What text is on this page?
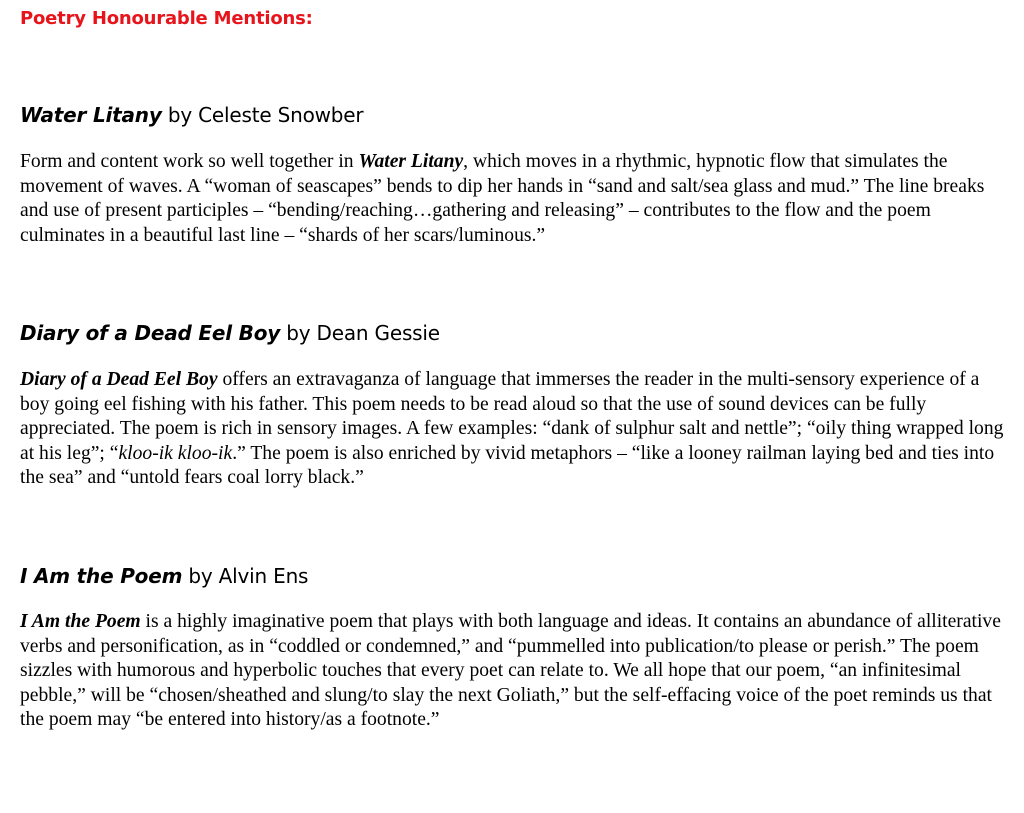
Poetry Honourable Mentions:
Water Litany by Celeste Snowber

Form and content work so well together in Water Litany, which moves in a rhythmic, hypnotic flow that simulates the movement of waves. A “woman of seascapes” bends to dip her hands in “sand and salt/sea glass and mud.” The line breaks and use of present participles – “bending/reaching…gathering and releasing” – contributes to the flow and the poem culminates in a beautiful last line – “shards of her scars/luminous.”

Diary of a Dead Eel Boy by Dean Gessie

Diary of a Dead Eel Boy offers an extravaganza of language that immerses the reader in the multi-sensory experience of a boy going eel fishing with his father. This poem needs to be read aloud so that the use of sound devices can be fully appreciated. The poem is rich in sensory images. A few examples: “dank of sulphur salt and nettle”; “oily thing wrapped long at his leg”; “kloo-ik kloo-ik.” The poem is also enriched by vivid metaphors – “like a looney railman laying bed and ties into the sea” and “untold fears coal lorry black.”

I Am the Poem by Alvin Ens

I Am the Poem is a highly imaginative poem that plays with both language and ideas. It contains an abundance of alliterative verbs and personification, as in “coddled or condemned,” and “pummelled into publication/to please or perish.” The poem sizzles with humorous and hyperbolic touches that every poet can relate to. We all hope that our poem, “an infinitesimal pebble,” will be “chosen/sheathed and slung/to slay the next Goliath,” but the self-effacing voice of the poet reminds us that the poem may “be entered into history/as a footnote.”
